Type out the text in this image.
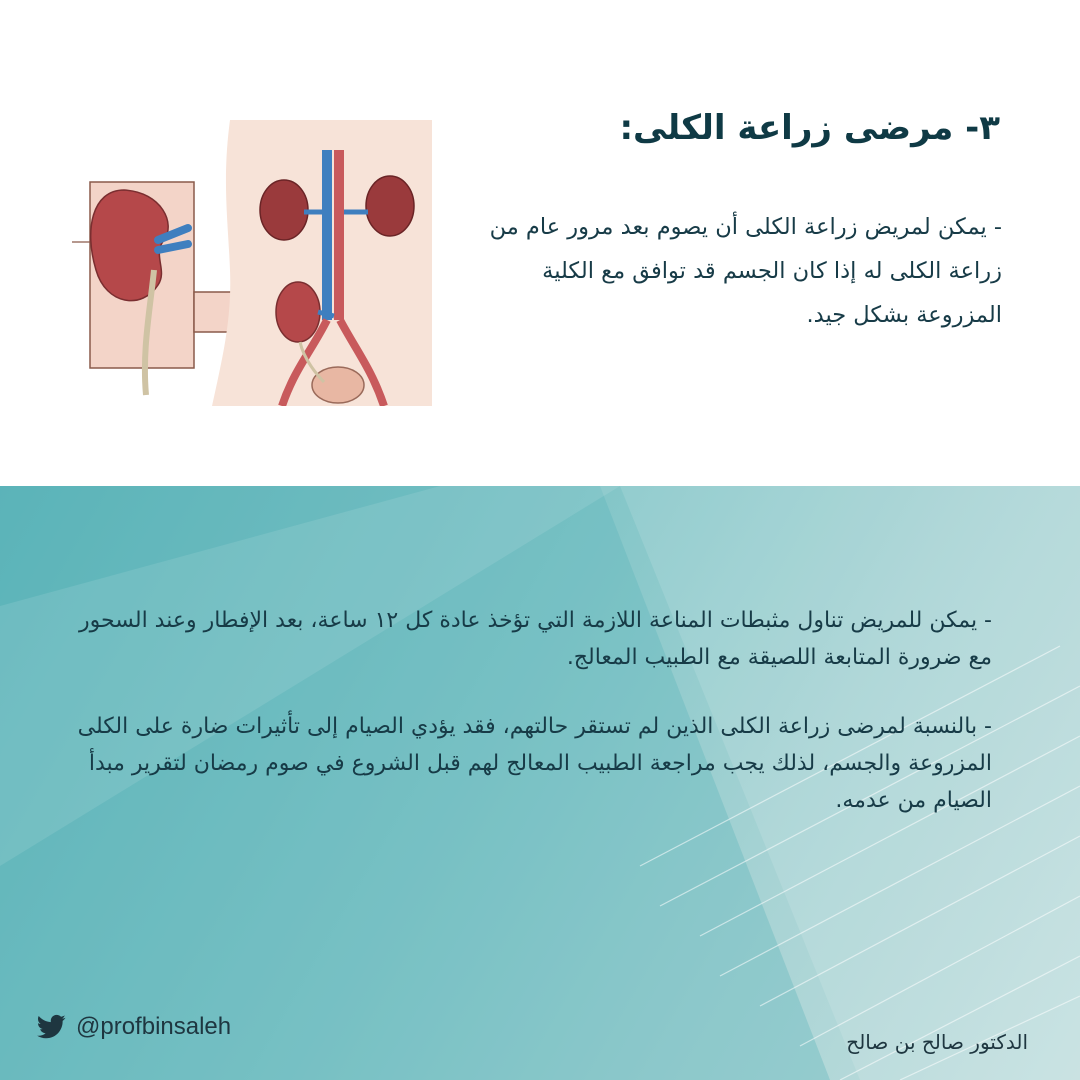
٣- مرضى زراعة الكلى:

- يمكن لمريض زراعة الكلى أن يصوم بعد مرور عام من زراعة الكلى له إذا كان الجسم قد توافق مع الكلية المزروعة بشكل جيد.

- يمكن للمريض تناول مثبطات المناعة اللازمة التي تؤخذ عادة كل ١٢ ساعة، بعد الإفطار وعند السحور مع ضرورة المتابعة اللصيقة مع الطبيب المعالج.

- بالنسبة لمرضى زراعة الكلى الذين لم تستقر حالتهم، فقد يؤدي الصيام إلى تأثيرات ضارة على الكلى المزروعة والجسم، لذلك يجب مراجعة الطبيب المعالج لهم قبل الشروع في صوم رمضان لتقرير مبدأ الصيام من عدمه.

@profbinsaleh
الدكتور صالح بن صالح
